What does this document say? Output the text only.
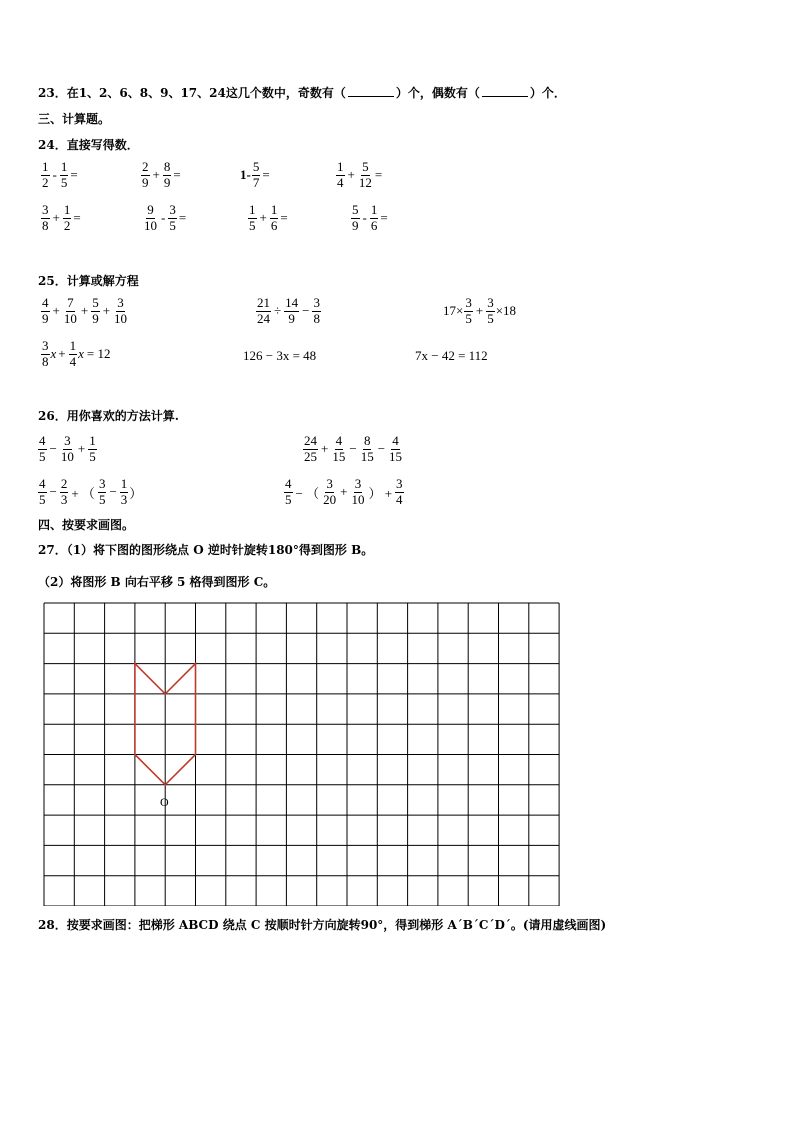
23．在1、2、6、8、9、17、24这几个数中，奇数有（	）个，偶数有（	）个．
三、计算题。
24．直接写得数．
$\frac{1}{2} - \frac{1}{5}$ =	$\frac{2}{9} + \frac{8}{9}$ =	$1- \frac{5}{7}$ =	$\frac{1}{4} + \frac{5}{12}$ =
$\frac{3}{8} + \frac{1}{2}$ =	$\frac{9}{10} - \frac{3}{5}$ =	$\frac{1}{5} + \frac{1}{6}$ =	$\frac{5}{9} - \frac{1}{6}$ =
25．计算或解方程
$\frac{4}{9} + \frac{7}{10} + \frac{5}{9} + \frac{3}{10}$	$\frac{21}{24} \div \frac{14}{9} - \frac{3}{8}$	$17\times \frac{3}{5} + \frac{3}{5} \times 18$
$\frac{3}{8}$ $x + \frac{1}{4}$ x = 12	126 − 3x = 48	7x − 42 = 112
26．用你喜欢的方法计算.
$\frac{4}{5} - \frac{3}{10} + \frac{1}{5}$	$\frac{24}{25} + \frac{4}{15} - \frac{8}{15} - \frac{4}{15}$
$\frac{4}{5} - \frac{2}{3}$ + （ $\frac{3}{5} - \frac{1}{3}$ ）	$\frac{4}{5}$ − （ $\frac{3}{20} + \frac{3}{10}$ ） + $\frac{3}{4}$
四、按要求画图。
27．（1）将下图的图形绕点 O 逆时针旋转180°得到图形 B。
（2）将图形 B 向右平移 5 格得到图形 C。
O
28．按要求画图：把梯形 ABCD 绕点 C 按顺时针方向旋转90°，得到梯形 A´B´C´D´。(请用虚线画图)
